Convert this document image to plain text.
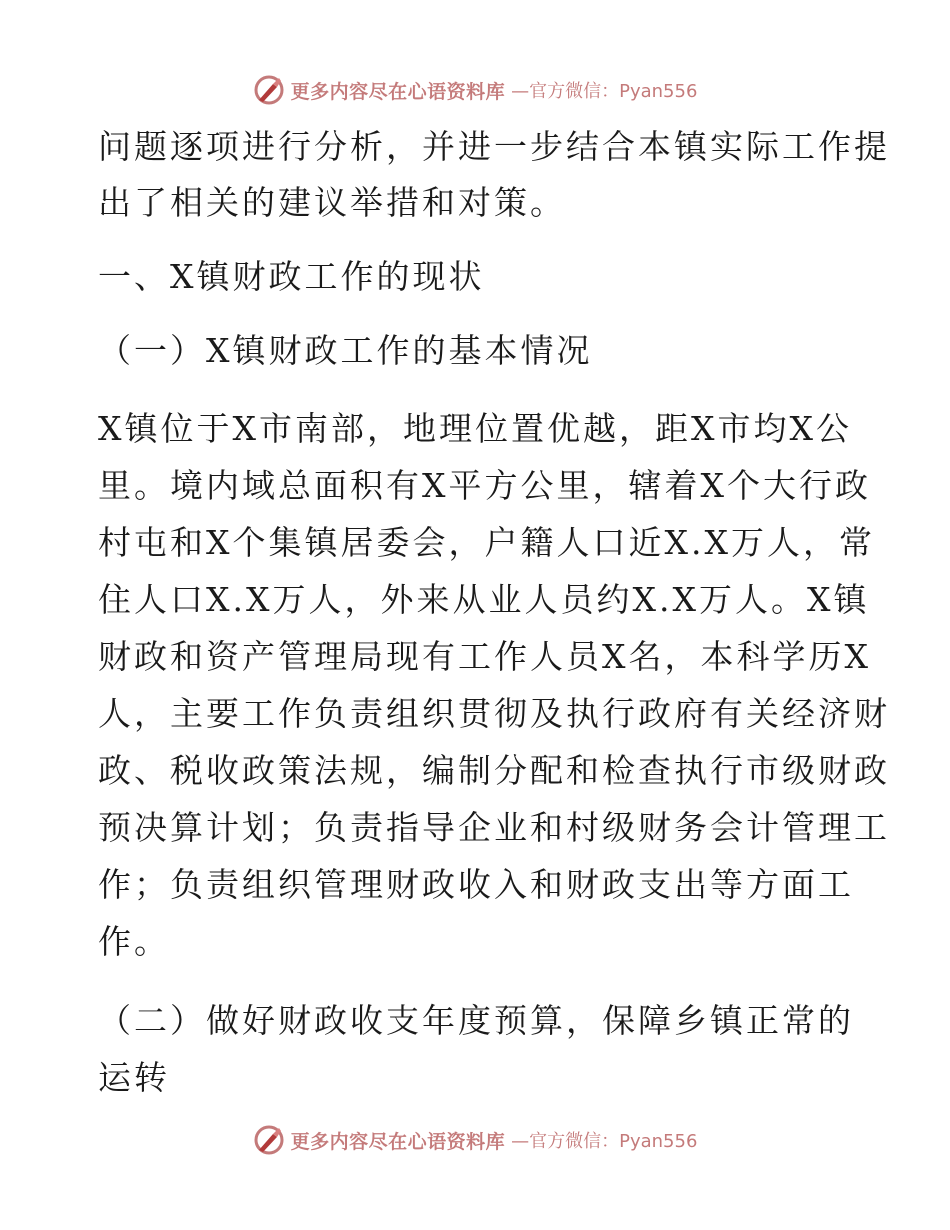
更多内容尽在心语资料库 —官方微信：Pyan556
问题逐项进行分析，并进一步结合本镇实际工作提
出了相关的建议举措和对策。
一、X镇财政工作的现状
（一）X镇财政工作的基本情况
X镇位于X市南部，地理位置优越，距X市均X公
里。境内域总面积有X平方公里，辖着X个大行政
村屯和X个集镇居委会，户籍人口近X.X万人，常
住人口X.X万人，外来从业人员约X.X万人。X镇
财政和资产管理局现有工作人员X名，本科学历X
人，主要工作负责组织贯彻及执行政府有关经济财
政、税收政策法规，编制分配和检查执行市级财政
预决算计划；负责指导企业和村级财务会计管理工
作；负责组织管理财政收入和财政支出等方面工
作。
（二）做好财政收支年度预算，保障乡镇正常的
运转
更多内容尽在心语资料库 —官方微信：Pyan556
